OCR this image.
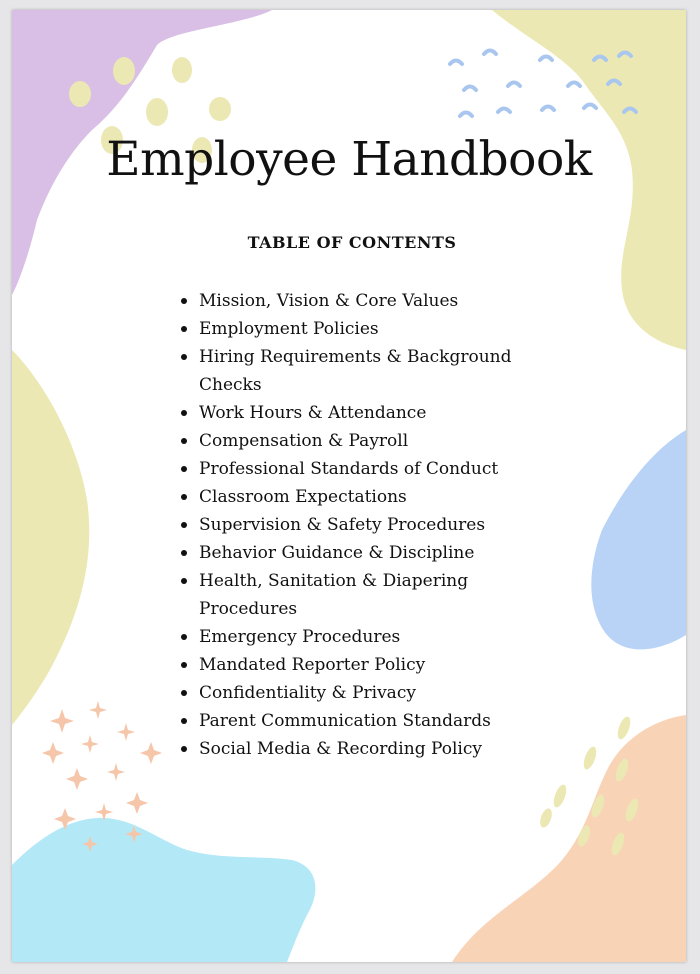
Employee Handbook
TABLE OF CONTENTS
Mission, Vision & Core Values
Employment Policies
Hiring Requirements & Background Checks
Work Hours & Attendance
Compensation & Payroll
Professional Standards of Conduct
Classroom Expectations
Supervision & Safety Procedures
Behavior Guidance & Discipline
Health, Sanitation & Diapering Procedures
Emergency Procedures
Mandated Reporter Policy
Confidentiality & Privacy
Parent Communication Standards
Social Media & Recording Policy
